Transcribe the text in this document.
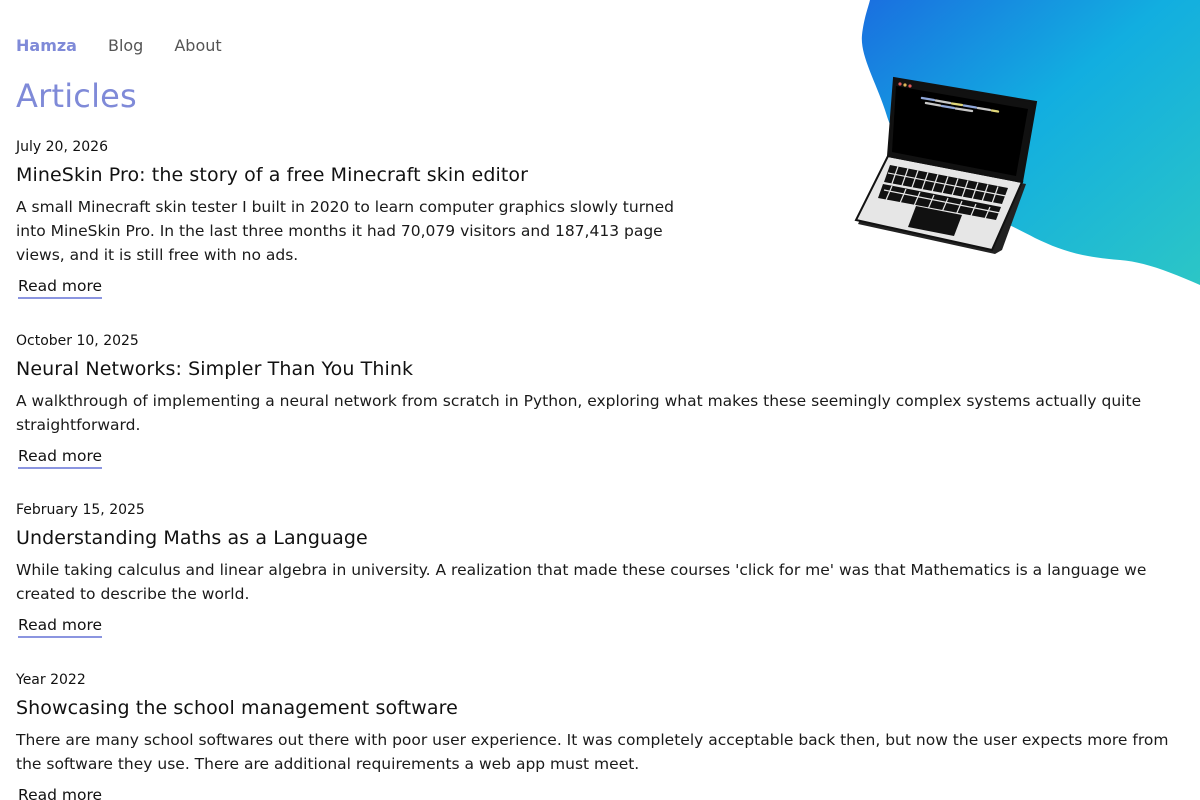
Hamza Blog About
Articles

July 20, 2026

MineSkin Pro: the story of a free Minecraft skin editor

A small Minecraft skin tester I built in 2020 to learn computer graphics slowly turned into MineSkin Pro. In the last three months it had 70,079 visitors and 187,413 page views, and it is still free with no ads.

Read more

October 10, 2025

Neural Networks: Simpler Than You Think

A walkthrough of implementing a neural network from scratch in Python, exploring what makes these seemingly complex systems actually quite straightforward.

Read more

February 15, 2025

Understanding Maths as a Language

While taking calculus and linear algebra in university. A realization that made these courses 'click for me' was that Mathematics is a language we created to describe the world.

Read more

Year 2022

Showcasing the school management software

There are many school softwares out there with poor user experience. It was completely acceptable back then, but now the user expects more from the software they use. There are additional requirements a web app must meet.

Read more
